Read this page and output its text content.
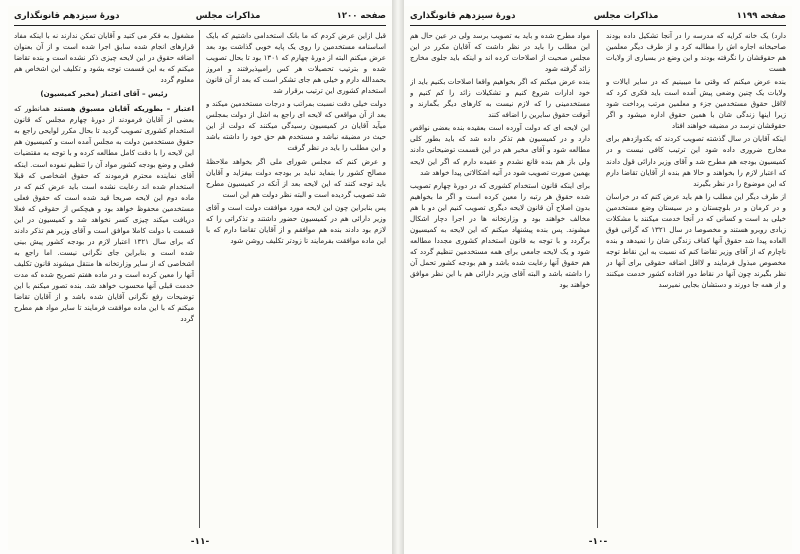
صفحه ۱۲۰۰
مذاکرات مجلس
دورهٔ سیزدهم قانونگذاری

قبل ازاین عرض کردم که ما بانک استخدامی داشتیم که بایک اساسنامه مستخدمین را روی یک پایه خوبی گذاشت بود بعد عرض میکنم البته از دورهٔ چهارم که ۱۳۰۱ بود تا بحال تصویب شده و بترتیب تحصیلات هر کس رامیپذیرفتند و امروز بحمدالله دارم و خیلی هم جای تشکر است که بعد از آن قانون استخدام کشوری این ترتیب برقرار شد

دولت خیلی دقت نسبت بمراتب و درجات مستخدمین میکند و بعد از آن مواقعی که لایحه ای راجع به اشل از دولت بمجلس میآید آقایان در کمیسیون رسیدگی میکنند که دولت از این حیث در مضیقه نباشد و مستخدم هم حق خود را داشته باشد و این مطلب را باید در نظر گرفت

و عرض کنم که مجلس شورای ملی اگر بخواهد ملاحظهٔ مصالح کشور را بنماید نباید بر بودجه دولت بیفزاید و آقایان باید توجه کنند که این لایحه بعد از آنکه در کمیسیون مطرح شد تصویب گردیده است و البته نظر دولت هم این است

پس بنابراین چون این لایحه مورد موافقت دولت است و آقای وزیر دارائی هم در کمیسیون حضور داشتند و تذکراتی را که لازم بود دادند بنده هم موافقم و از آقایان تقاضا دارم که با این ماده موافقت بفرمایند تا زودتر تکلیف روشن شود

مشغول به فکر می کنید و آقایان تمکن ندارند نه با اینکه مفاد قرارهای انجام شده سابق اجرا شده است و از آن بعنوان اضافه حقوق در این لایحه چیزی ذکر نشده است و بنده تقاضا میکنم که به این قسمت توجه بشود و تکلیف این اشخاص هم معلوم گردد

رئیس – آقای اعتبار (مخبر کمیسیون)

اعتبار – بطوریکه آقایان مسبوق هستند همانطور که بعضی از آقایان فرمودند از دورهٔ چهارم مجلس که قانون استخدام کشوری تصویب گردید تا بحال مکرر لوایحی راجع به حقوق مستخدمین دولت به مجلس آمده است و کمیسیون هم این لایحه را با دقت کامل مطالعه کرده و با توجه به مقتضیات فعلی و وضع بودجه کشور مواد آن را تنظیم نموده است. اینکه آقای نماینده محترم فرمودند که حقوق اشخاصی که قبلا استخدام شده اند رعایت نشده است باید عرض کنم که در ماده دوم این لایحه صریحا قید شده است که حقوق فعلی مستخدمین محفوظ خواهد بود و هیچکس از حقوقی که فعلا دریافت میکند چیزی کسر نخواهد شد و کمیسیون در این قسمت با دولت کاملا موافق است و آقای وزیر هم تذکر دادند که برای سال ۱۳۲۱ اعتبار لازم در بودجه کشور پیش بینی شده است و بنابراین جای نگرانی نیست. اما راجع به اشخاصی که از سایر وزارتخانه ها منتقل میشوند قانون تکلیف آنها را معین کرده است و در ماده هفتم تصریح شده که مدت خدمت قبلی آنها محسوب خواهد شد. بنده تصور میکنم با این توضیحات رفع نگرانی آقایان شده باشد و از آقایان تقاضا میکنم که با این ماده موافقت فرمایند تا سایر مواد هم مطرح گردد

-۱۱-
صفحه ۱۱۹۹
مذاکرات مجلس
دورهٔ سیزدهم قانونگذاری

دارد) یک خانه کرایه که مدرسه را در آنجا تشکیل داده بودند صاحبخانه اجاره اش را مطالبه کرد و از طرف دیگر معلمین هم حقوقشان را نگرفته بودند و این وضع در بسیاری از ولایات هست

بنده عرض میکنم که وقتی ما میبینیم که در سایر ایالات و ولایات یک چنین وضعی پیش آمده است باید فکری کرد که لااقل حقوق مستخدمین جزء و معلمین مرتب پرداخت شود زیرا اینها زندگی شان با همین حقوق اداره میشود و اگر حقوقشان نرسد در مضیقه خواهند افتاد

اینکه آقایان در سال گذشته تصویب کردند که یکدوازدهم برای مخارج ضروری داده شود این ترتیب کافی نیست و در کمیسیون بودجه هم مطرح شد و آقای وزیر دارائی قول دادند که اعتبار لازم را بخواهند و حالا هم بنده از آقایان تقاضا دارم که این موضوع را در نظر بگیرند

از طرف دیگر این مطلب را هم باید عرض کنم که در خراسان و در کرمان و در بلوچستان و در سیستان وضع مستخدمین خیلی بد است و کسانی که در آنجا خدمت میکنند با مشکلات زیادی روبرو هستند و مخصوصا در سال ۱۳۲۱ که گرانی فوق العاده پیدا شد حقوق آنها کفاف زندگی شان را نمیدهد و بنده ناچارم که از آقای وزیر تقاضا کنم که نسبت به این نقاط توجه مخصوص مبذول فرمایند و لااقل اضافه حقوقی برای آنها در نظر بگیرند چون آنها در نقاط دور افتاده کشور خدمت میکنند و از همه جا دورند و دستشان بجایی نمیرسد

مواد مطرح شده و باید به تصویب برسد ولی در عین حال هم این مطلب را باید در نظر داشت که آقایان مکرر در این مجلس صحبت از اصلاحات کرده اند و اینکه باید جلوی مخارج زائد گرفته شود

بنده عرض میکنم که اگر بخواهیم واقعا اصلاحات بکنیم باید از خود ادارات شروع کنیم و تشکیلات زائد را کم کنیم و مستخدمینی را که لازم نیست به کارهای دیگر بگمارند و آنوقت حقوق سایرین را اضافه کنند

این لایحه ای که دولت آورده است بعقیده بنده بعضی نواقص دارد و در کمیسیون هم تذکر داده شد که باید بطور کلی مطالعه شود و آقای مخبر هم در این قسمت توضیحاتی دادند ولی باز هم بنده قانع نشدم و عقیده دارم که اگر این لایحه بهمین صورت تصویب شود در آتیه اشکالاتی پیدا خواهد شد

برای اینکه قانون استخدام کشوری که در دورهٔ چهارم تصویب شده حقوق هر رتبه را معین کرده است و اگر ما بخواهیم بدون اصلاح آن قانون لایحه دیگری تصویب کنیم این دو با هم مخالف خواهند بود و وزارتخانه ها در اجرا دچار اشکال میشوند. پس بنده پیشنهاد میکنم که این لایحه به کمیسیون برگردد و با توجه به قانون استخدام کشوری مجددا مطالعه شود و یک لایحه جامعی برای همه مستخدمین تنظیم گردد که هم حقوق آنها رعایت شده باشد و هم بودجه کشور تحمل آن را داشته باشد و البته آقای وزیر دارائی هم با این نظر موافق خواهند بود

-۱۰-
